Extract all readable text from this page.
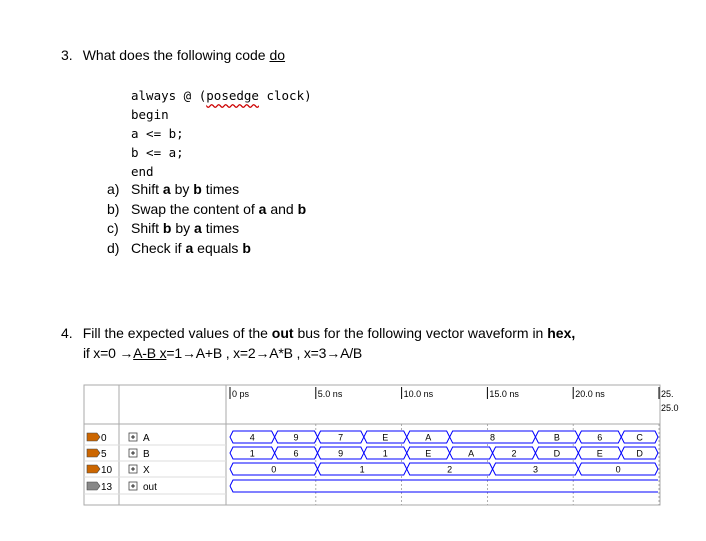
3. What does the following code do

always @ (posedge clock)
begin
a <= b;
b <= a;
end

a) Shift a by b times
b) Swap the content of a and b
c) Shift b by a times
d) Check if a equals b
4. Fill the expected values of the out bus for the following vector waveform in hex,
if x=0 →A-B x=1→A+B , x=2→A*B , x=3→A/B
0 ps	5.0 ns	10.0 ns	15.0 ns	20.0 ns	25.
25.0
0	A	4	9	7	E	A	8	B	6	C
5	B	1	6	9	1	E	A	2	D	E	D
10	X	0	1	2	3	0
13	out
